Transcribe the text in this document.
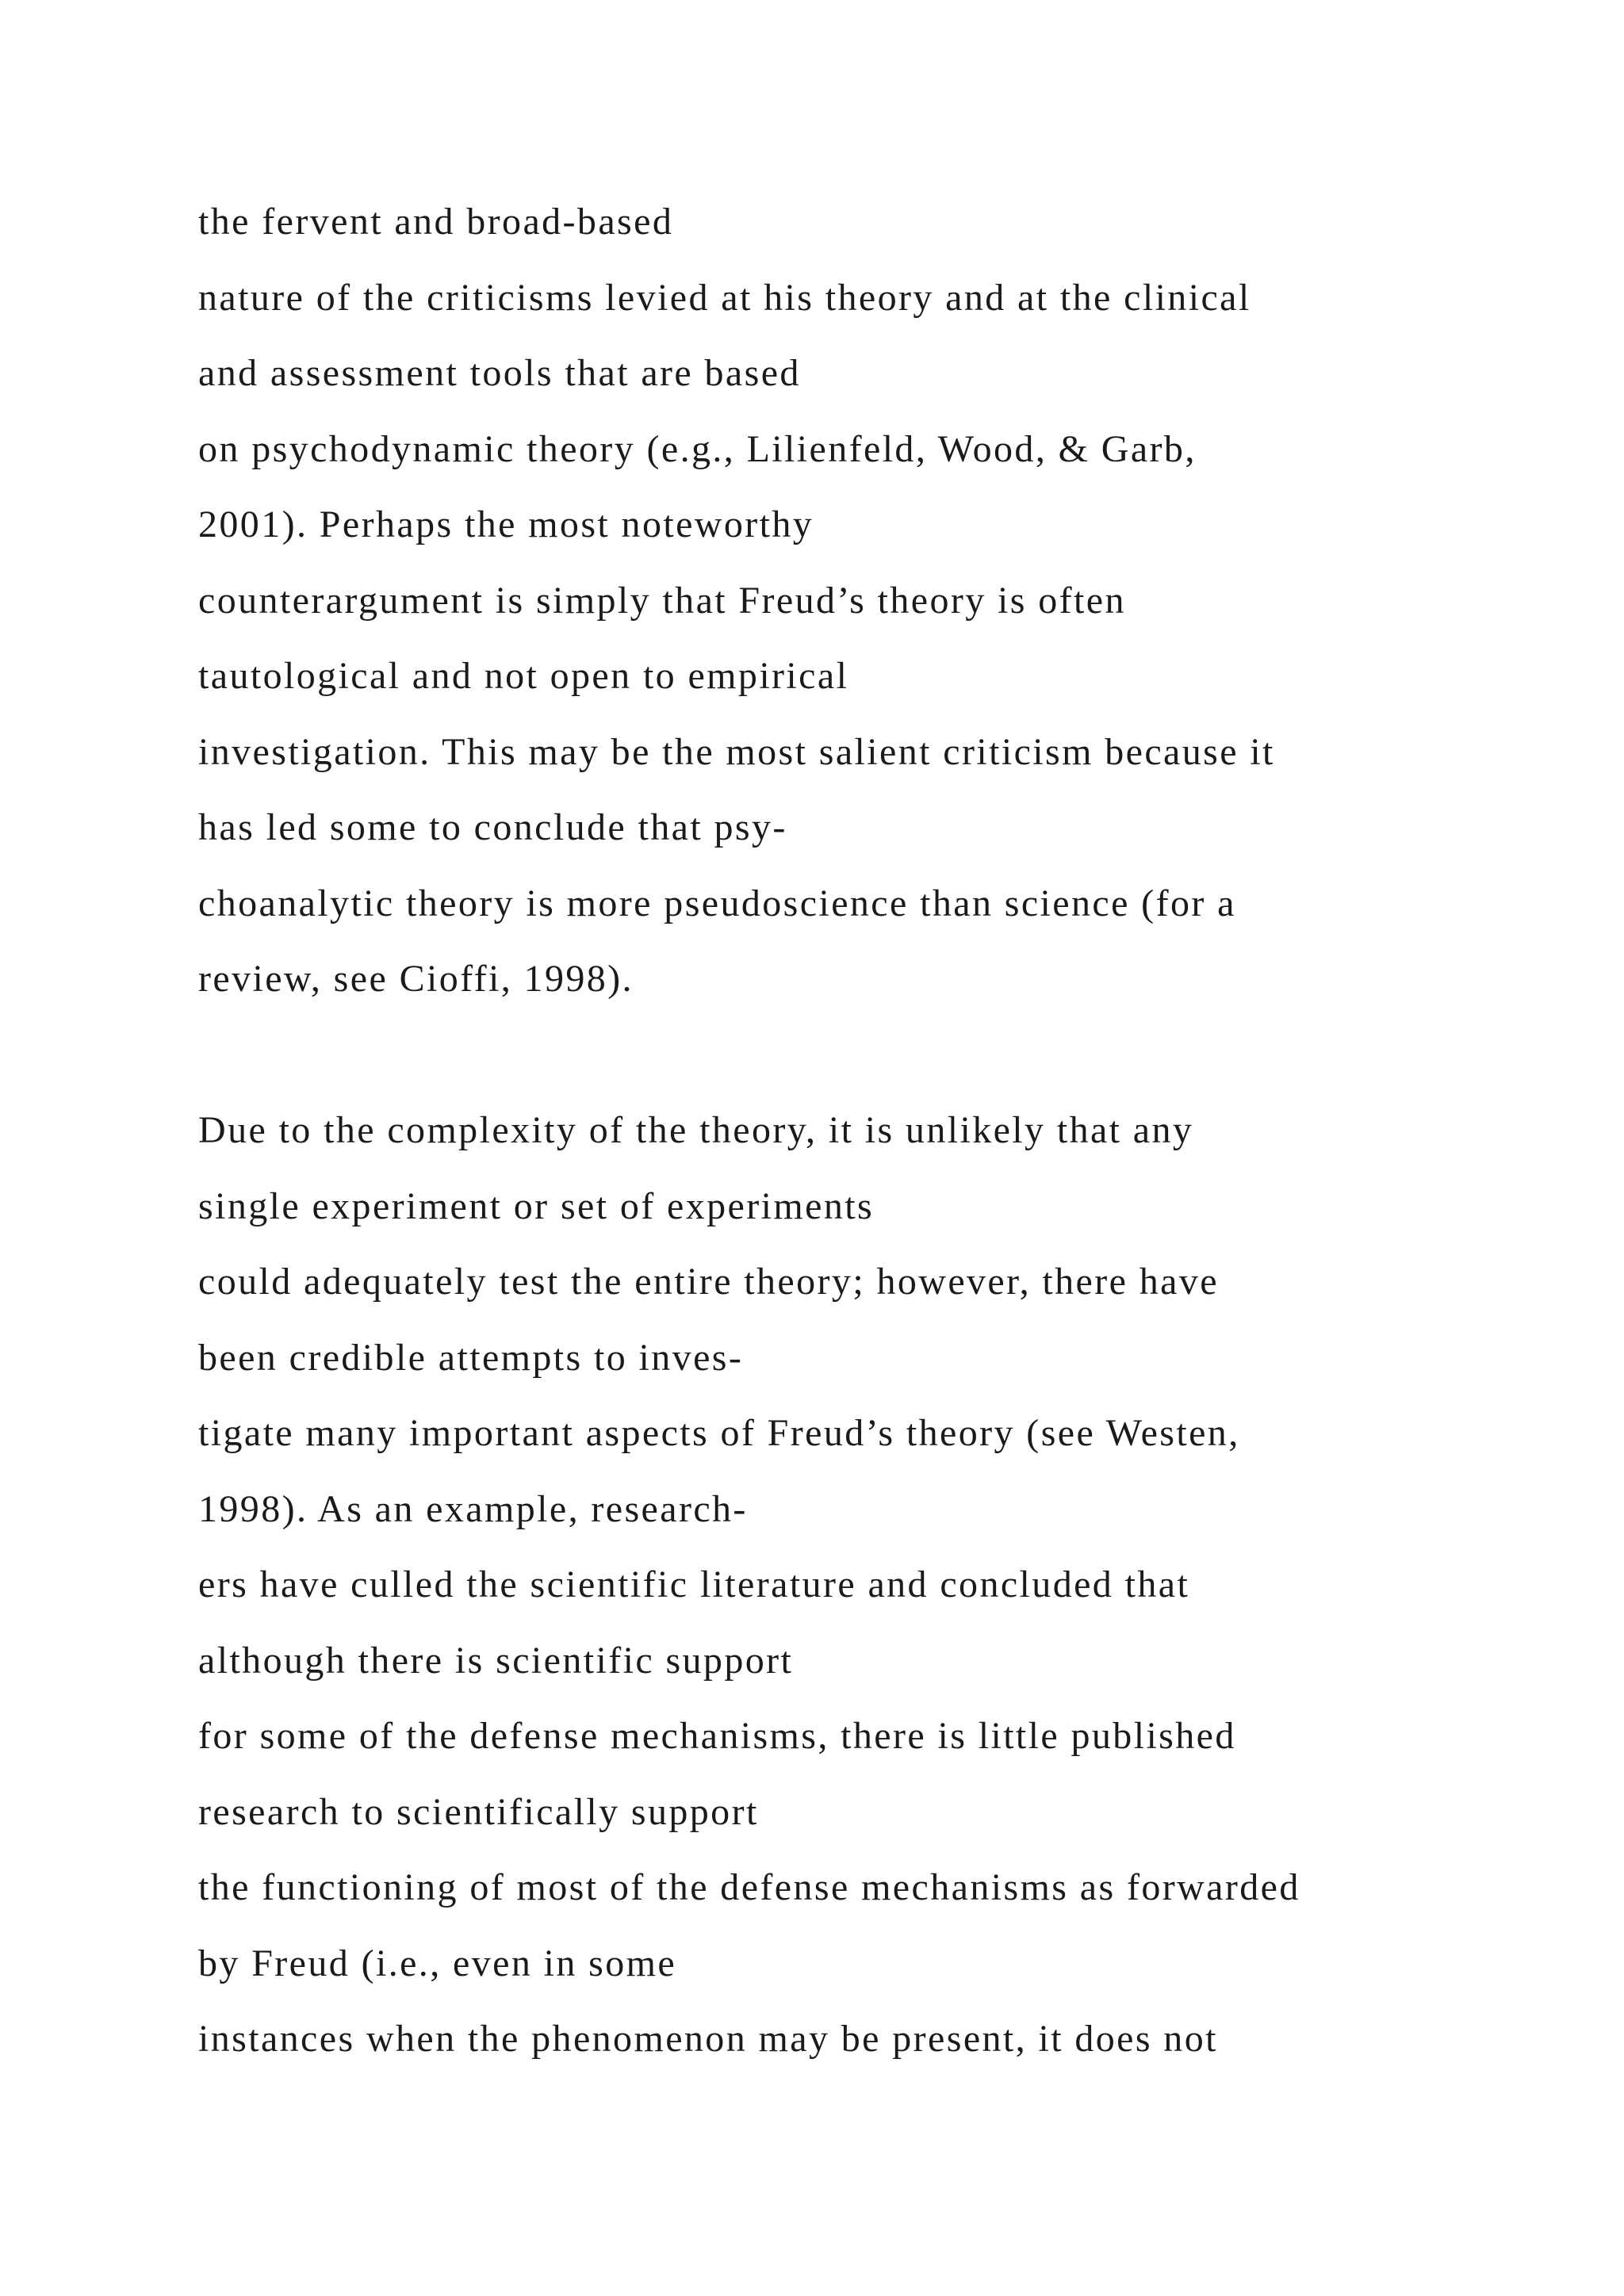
the fervent and broad-based
nature of the criticisms levied at his theory and at the clinical
and assessment tools that are based
on psychodynamic theory (e.g., Lilienfeld, Wood, & Garb,
2001). Perhaps the most noteworthy
counterargument is simply that Freud’s theory is often
tautological and not open to empirical
investigation. This may be the most salient criticism because it
has led some to conclude that psy-
choanalytic theory is more pseudoscience than science (for a
review, see Cioffi, 1998).
Due to the complexity of the theory, it is unlikely that any
single experiment or set of experiments
could adequately test the entire theory; however, there have
been credible attempts to inves-
tigate many important aspects of Freud’s theory (see Westen,
1998). As an example, research-
ers have culled the scientific literature and concluded that
although there is scientific support
for some of the defense mechanisms, there is little published
research to scientifically support
the functioning of most of the defense mechanisms as forwarded
by Freud (i.e., even in some
instances when the phenomenon may be present, it does not
